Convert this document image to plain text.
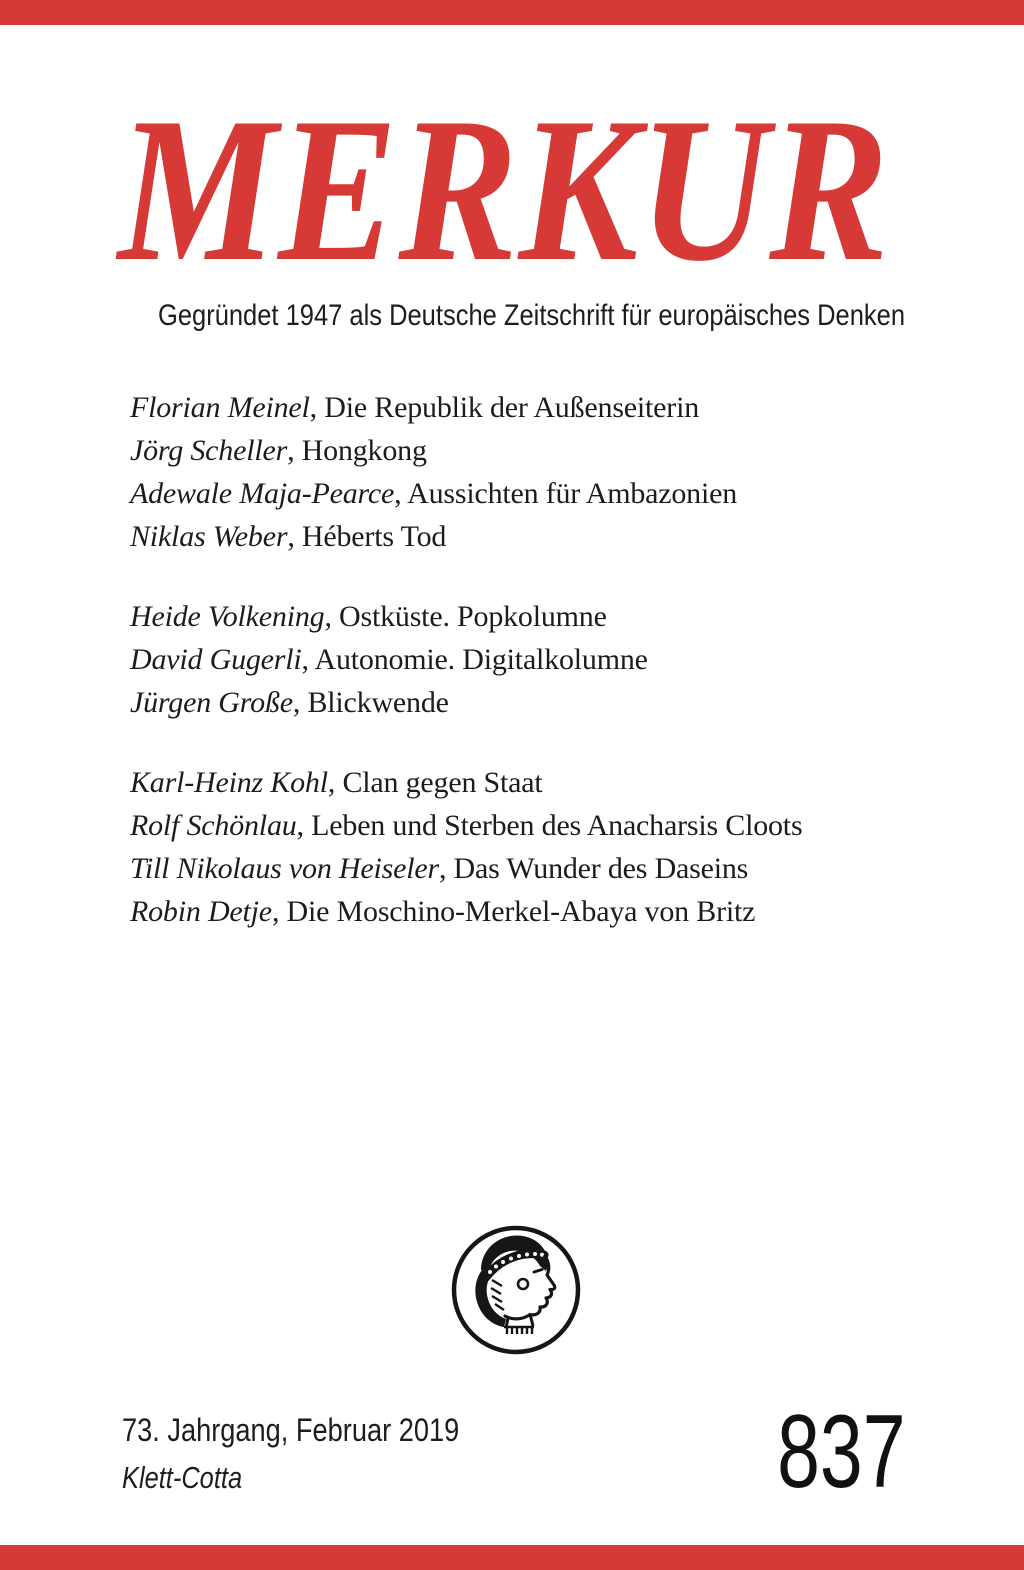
MERKUR
Gegründet 1947 als Deutsche Zeitschrift für europäisches Denken
Florian Meinel, Die Republik der Außenseiterin
Jörg Scheller, Hongkong
Adewale Maja-Pearce, Aussichten für Ambazonien
Niklas Weber, Héberts Tod
Heide Volkening, Ostküste. Popkolumne
David Gugerli, Autonomie. Digitalkolumne
Jürgen Große, Blickwende
Karl-Heinz Kohl, Clan gegen Staat
Rolf Schönlau, Leben und Sterben des Anacharsis Cloots
Till Nikolaus von Heiseler, Das Wunder des Daseins
Robin Detje, Die Moschino-Merkel-Abaya von Britz
73. Jahrgang, Februar 2019
Klett-Cotta	837
